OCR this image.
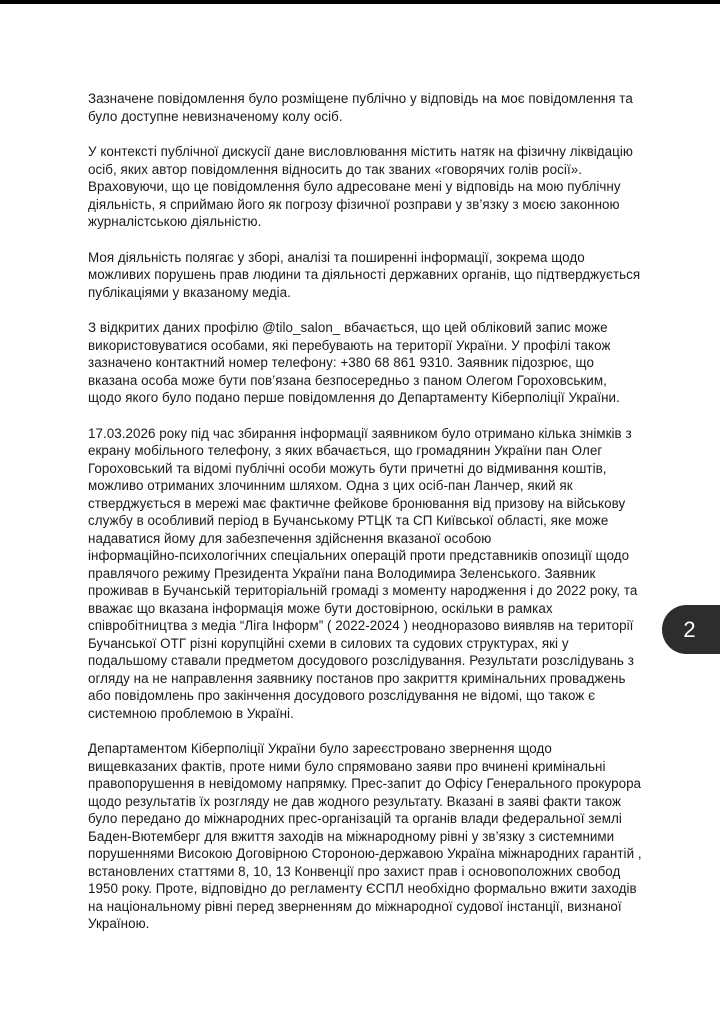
Зазначене повідомлення було розміщене публічно у відповідь на моє повідомлення та

було доступне невизначеному колу осіб.

У контексті публічної дискусії дане висловлювання містить натяк на фізичну ліквідацію

осіб, яких автор повідомлення відносить до так званих «говорячих голів росії».

Враховуючи, що це повідомлення було адресоване мені у відповідь на мою публічну

діяльність, я сприймаю його як погрозу фізичної розправи у зв’язку з моєю законною

журналістською діяльністю.

Моя діяльність полягає у зборі, аналізі та поширенні інформації, зокрема щодо

можливих порушень прав людини та діяльності державних органів, що підтверджується

публікаціями у вказаному медіа.

З відкритих даних профілю @tilo_salon_ вбачається, що цей обліковий запис може

використовуватися особами, які перебувають на території України. У профілі також

зазначено контактний номер телефону: +380 68 861 9310. Заявник підозрює, що

вказана особа може бути пов’язана безпосередньо з паном Олегом Гороховським,

щодо якого було подано перше повідомлення до Департаменту Кіберполіції України.

17.03.2026 року під час збирання інформації заявником було отримано кілька знімків з

екрану мобільного телефону, з яких вбачається, що громадянин України пан Олег

Гороховський та відомі публічні особи можуть бути причетні до відмивання коштів,

можливо отриманих злочинним шляхом. Одна з цих осіб-пан Ланчер, який як

стверджується в мережі має фактичне фейкове бронювання від призову на військову

службу в особливий період в Бучанському РТЦК та СП Київської області, яке може

надаватися йому для забезпечення здійснення вказаної особою

інформаційно-психологічних спеціальних операцій проти представників опозиції щодо

правлячого режиму Президента України пана Володимира Зеленського. Заявник

проживав в Бучанській територіальній громаді з моменту народження і до 2022 року, та

вважає що вказана інформація може бути достовірною, оскільки в рамках

співробітництва з медіа “Ліга Інформ” ( 2022-2024 ) неодноразово виявляв на території

Бучанської ОТГ різні корупційні схеми в силових та судових структурах, які у

подальшому ставали предметом досудового розслідування. Результати розслідувань з

огляду на не направлення заявнику постанов про закриття кримінальних проваджень

або повідомлень про закінчення досудового розслідування не відомі, що також є

системною проблемою в Україні.

Департаментом Кіберполіції України було зареєстровано звернення щодо

вищевказаних фактів, проте ними було спрямовано заяви про вчинені кримінальні

правопорушення в невідомому напрямку. Прес-запит до Офісу Генерального прокурора

щодо результатів їх розгляду не дав жодного результату. Вказані в заяві факти також

було передано до міжнародних прес-організацій та органів влади федеральної землі

Баден-Вютемберг для вжиття заходів на міжнародному рівні у зв’язку з системними

порушеннями Високою Договірною Стороною-державою Україна міжнародних гарантій ,

встановлених статтями 8, 10, 13 Конвенції про захист прав і основоположних свобод

1950 року. Проте, відповідно до регламенту ЄСПЛ необхідно формально вжити заходів

на національному рівні перед зверненням до міжнародної судової інстанції, визнаної

Україною.

2
